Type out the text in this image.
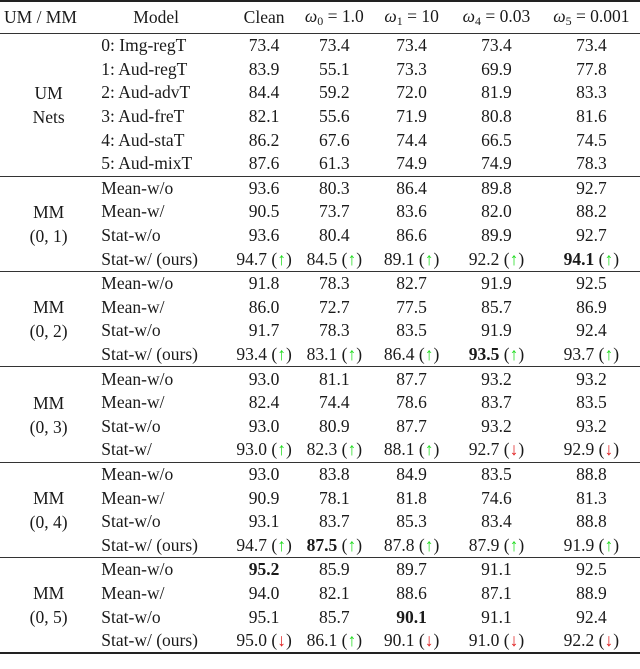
UM / MM	Model	Clean	$\omega_0 = 1.0$	$\omega_1 = 10$	$\omega_4 = 0.03$	$\omega_5 = 0.001$

UM
Nets	0: Img-regT	73.4	73.4	73.4	73.4	73.4
	1: Aud-regT	83.9	55.1	73.3	69.9	77.8
	2: Aud-advT	84.4	59.2	72.0	81.9	83.3
	3: Aud-freT	82.1	55.6	71.9	80.8	81.6
	4: Aud-staT	86.2	67.6	74.4	66.5	74.5
	5: Aud-mixT	87.6	61.3	74.9	74.9	78.3

MM
(0, 1)	Mean-w/o	93.6	80.3	86.4	89.8	92.7
	Mean-w/	90.5	73.7	83.6	82.0	88.2
	Stat-w/o	93.6	80.4	86.6	89.9	92.7
	Stat-w/ (ours)	94.7 (↑)	84.5 (↑)	89.1 (↑)	92.2 (↑)	94.1 (↑)

MM
(0, 2)	Mean-w/o	91.8	78.3	82.7	91.9	92.5
	Mean-w/	86.0	72.7	77.5	85.7	86.9
	Stat-w/o	91.7	78.3	83.5	91.9	92.4
	Stat-w/ (ours)	93.4 (↑)	83.1 (↑)	86.4 (↑)	93.5 (↑)	93.7 (↑)

MM
(0, 3)	Mean-w/o	93.0	81.1	87.7	93.2	93.2
	Mean-w/	82.4	74.4	78.6	83.7	83.5
	Stat-w/o	93.0	80.9	87.7	93.2	93.2
	Stat-w/	93.0 (↑)	82.3 (↑)	88.1 (↑)	92.7 (↓)	92.9 (↓)

MM
(0, 4)	Mean-w/o	93.0	83.8	84.9	83.5	88.8
	Mean-w/	90.9	78.1	81.8	74.6	81.3
	Stat-w/o	93.1	83.7	85.3	83.4	88.8
	Stat-w/ (ours)	94.7 (↑)	87.5 (↑)	87.8 (↑)	87.9 (↑)	91.9 (↑)

MM
(0, 5)	Mean-w/o	95.2	85.9	89.7	91.1	92.5
	Mean-w/	94.0	82.1	88.6	87.1	88.9
	Stat-w/o	95.1	85.7	90.1	91.1	92.4
	Stat-w/ (ours)	95.0 (↓)	86.1 (↑)	90.1 (↓)	91.0 (↓)	92.2 (↓)
